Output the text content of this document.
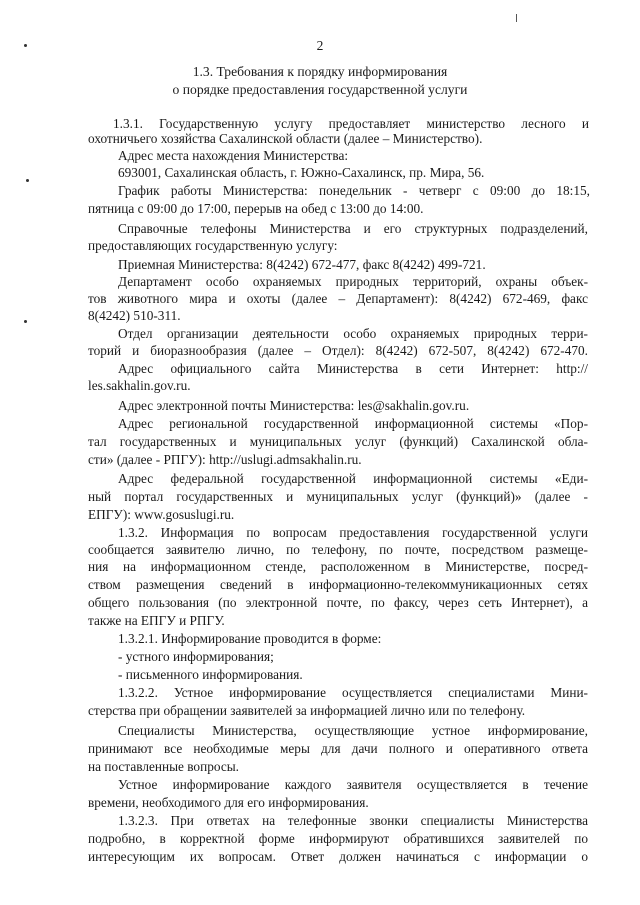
2
1.3. Требования к порядку информирования
о порядке предоставления государственной услуги
1.3.1. Государственную услугу предоставляет министерство лесного и
охотничьего хозяйства Сахалинской области (далее – Министерство).
Адрес места нахождения Министерства:
693001, Сахалинская область, г. Южно-Сахалинск, пр. Мира, 56.
График работы Министерства: понедельник - четверг с 09:00 до 18:15,
пятница с 09:00 до 17:00, перерыв на обед с 13:00 до 14:00.
Справочные телефоны Министерства и его структурных подразделений,
предоставляющих государственную услугу:
Приемная Министерства: 8(4242) 672-477, факс 8(4242) 499-721.
Департамент особо охраняемых природных территорий, охраны объек-
тов животного мира и охоты (далее – Департамент): 8(4242) 672-469, факс
8(4242) 510-311.
Отдел организации деятельности особо охраняемых природных терри-
торий и биоразнообразия (далее – Отдел): 8(4242) 672-507, 8(4242) 672-470.
Адрес официального сайта Министерства в сети Интернет: http://
les.sakhalin.gov.ru.
Адрес электронной почты Министерства: les@sakhalin.gov.ru.
Адрес региональной государственной информационной системы «Пор-
тал государственных и муниципальных услуг (функций) Сахалинской обла-
сти» (далее - РПГУ): http://uslugi.admsakhalin.ru.
Адрес федеральной государственной информационной системы «Еди-
ный портал государственных и муниципальных услуг (функций)» (далее -
ЕПГУ): www.gosuslugi.ru.
1.3.2. Информация по вопросам предоставления государственной услуги
сообщается заявителю лично, по телефону, по почте, посредством размеще-
ния на информационном стенде, расположенном в Министерстве, посред-
ством размещения сведений в информационно-телекоммуникационных сетях
общего пользования (по электронной почте, по факсу, через сеть Интернет), а
также на ЕПГУ и РПГУ.
1.3.2.1. Информирование проводится в форме:
- устного информирования;
- письменного информирования.
1.3.2.2. Устное информирование осуществляется специалистами Мини-
стерства при обращении заявителей за информацией лично или по телефону.
Специалисты Министерства, осуществляющие устное информирование,
принимают все необходимые меры для дачи полного и оперативного ответа
на поставленные вопросы.
Устное информирование каждого заявителя осуществляется в течение
времени, необходимого для его информирования.
1.3.2.3. При ответах на телефонные звонки специалисты Министерства
подробно, в корректной форме информируют обратившихся заявителей по
интересующим их вопросам. Ответ должен начинаться с информации о
